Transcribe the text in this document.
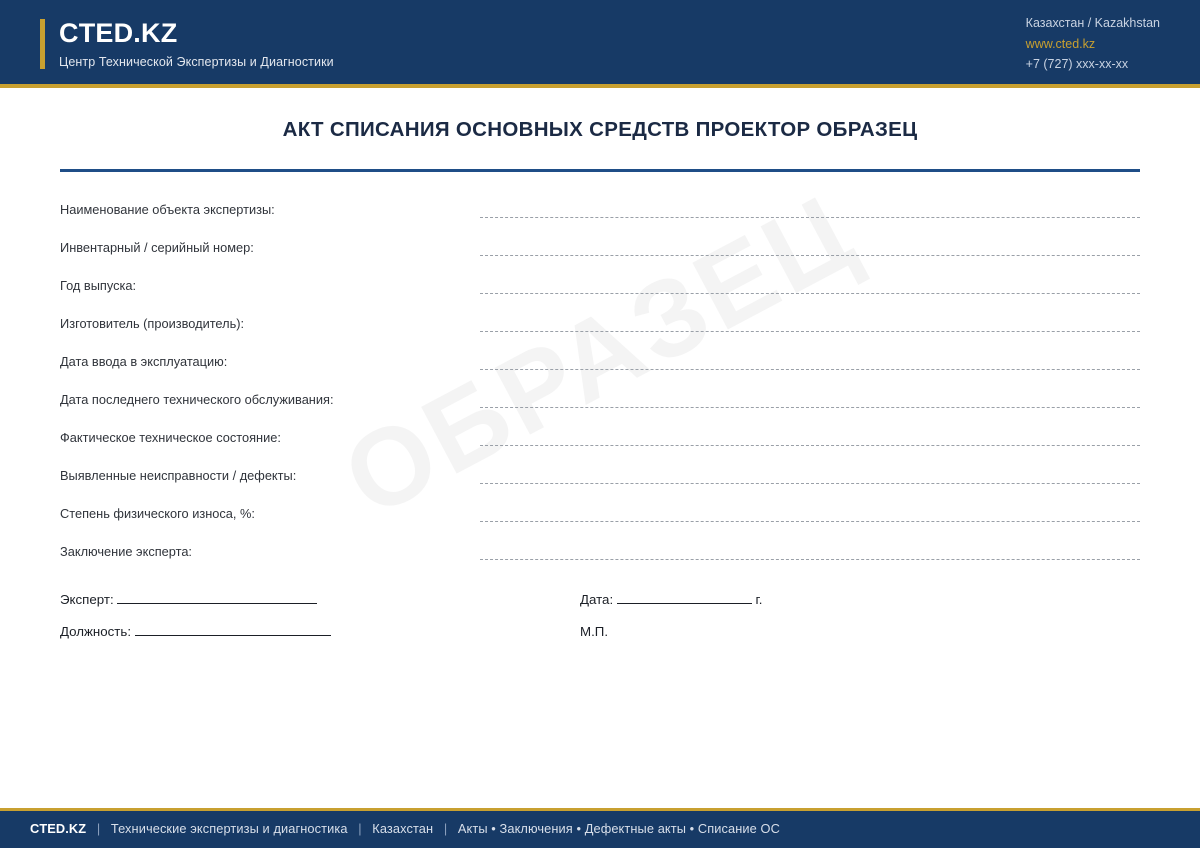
CTED.KZ
Центр Технической Экспертизы и Диагностики
Казахстан / Kazakhstan
www.cted.kz
+7 (727) xxx-xx-xx
АКТ СПИСАНИЯ ОСНОВНЫХ СРЕДСТВ ПРОЕКТОР ОБРАЗЕЦ
Наименование объекта экспертизы:
Инвентарный / серийный номер:
Год выпуска:
Изготовитель (производитель):
Дата ввода в эксплуатацию:
Дата последнего технического обслуживания:
Фактическое техническое состояние:
Выявленные неисправности / дефекты:
Степень физического износа, %:
Заключение эксперта:
Эксперт:	Дата:	г.
Должность:	М.П.
CTED.KZ | Технические экспертизы и диагностика | Казахстан | Акты • Заключения • Дефектные акты • Списание ОС
